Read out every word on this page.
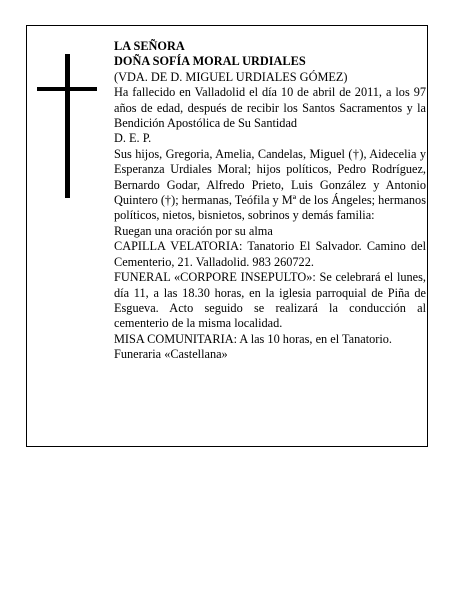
LA SEÑORA

DOÑA SOFÍA MORAL URDIALES

(VDA. DE D. MIGUEL URDIALES GÓMEZ)

Ha fallecido en Valladolid el día 10 de abril de 2011, a los 97 años de edad, después de recibir los Santos Sacramentos y la Bendición Apostólica de Su Santidad

D. E. P.

Sus hijos, Gregoria, Amelia, Candelas, Miguel (†), Aidecelia y Esperanza Urdiales Moral; hijos políticos, Pedro Rodríguez, Bernardo Godar, Alfredo Prieto, Luis González y Antonio Quintero (†); hermanas, Teófila y Mª de los Ángeles; hermanos políticos, nietos, bisnietos, sobrinos y demás familia:

Ruegan una oración por su alma

CAPILLA VELATORIA: Tanatorio El Salvador. Camino del Cementerio, 21. Valladolid. 983 260722.

FUNERAL «CORPORE INSEPULTO»: Se celebrará el lunes, día 11, a las 18.30 horas, en la iglesia parroquial de Piña de Esgueva. Acto seguido se realizará la conducción al cementerio de la misma localidad.

MISA COMUNITARIA: A las 10 horas, en el Tanatorio.

Funeraria «Castellana»
